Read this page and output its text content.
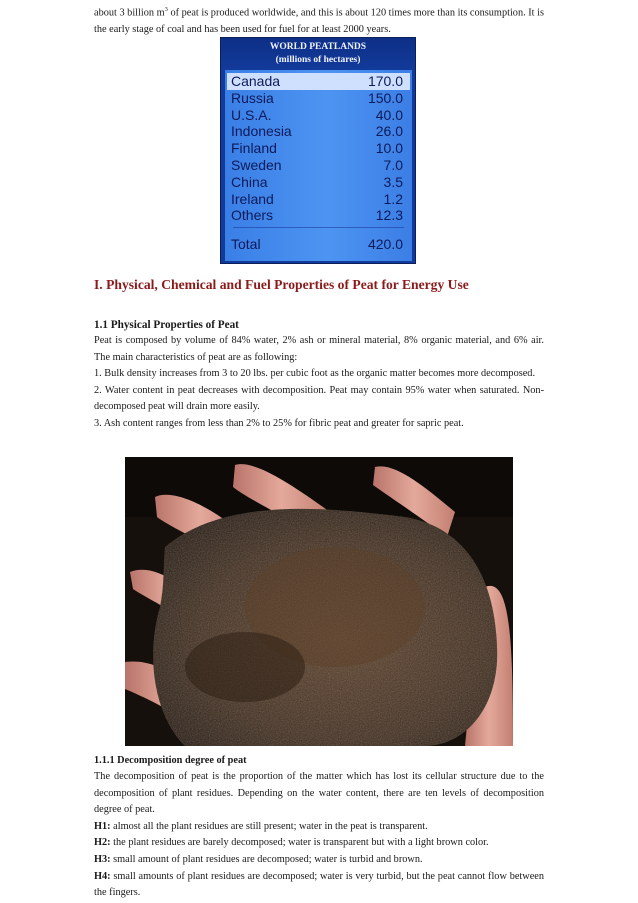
about 3 billion $m^3$ of peat is produced worldwide, and this is about 120 times more than its consumption. It is the early stage of coal and has been used for fuel for at least 2000 years.

WORLD PEATLANDS
(millions of hectares)
Canada	170.0
Russia	150.0
U.S.A.	40.0
Indonesia	26.0
Finland	10.0
Sweden	7.0
China	3.5
Ireland	1.2
Others	12.3
Total	420.0
I. Physical, Chemical and Fuel Properties of Peat for Energy Use

1.1 Physical Properties of Peat

Peat is composed by volume of 84% water, 2% ash or mineral material, 8% organic material, and 6% air. The main characteristics of peat are as following:

1. Bulk density increases from 3 to 20 lbs. per cubic foot as the organic matter becomes more decomposed.

2. Water content in peat decreases with decomposition. Peat may contain 95% water when saturated. Non-decomposed peat will drain more easily.

3. Ash content ranges from less than 2% to 25% for fibric peat and greater for sapric peat.

1.1.1 Decomposition degree of peat

The decomposition of peat is the proportion of the matter which has lost its cellular structure due to the decomposition of plant residues. Depending on the water content, there are ten levels of decomposition degree of peat.

H1: almost all the plant residues are still present; water in the peat is transparent.

H2: the plant residues are barely decomposed; water is transparent but with a light brown color.

H3: small amount of plant residues are decomposed; water is turbid and brown.

H4: small amounts of plant residues are decomposed; water is very turbid, but the peat cannot flow between the fingers.
